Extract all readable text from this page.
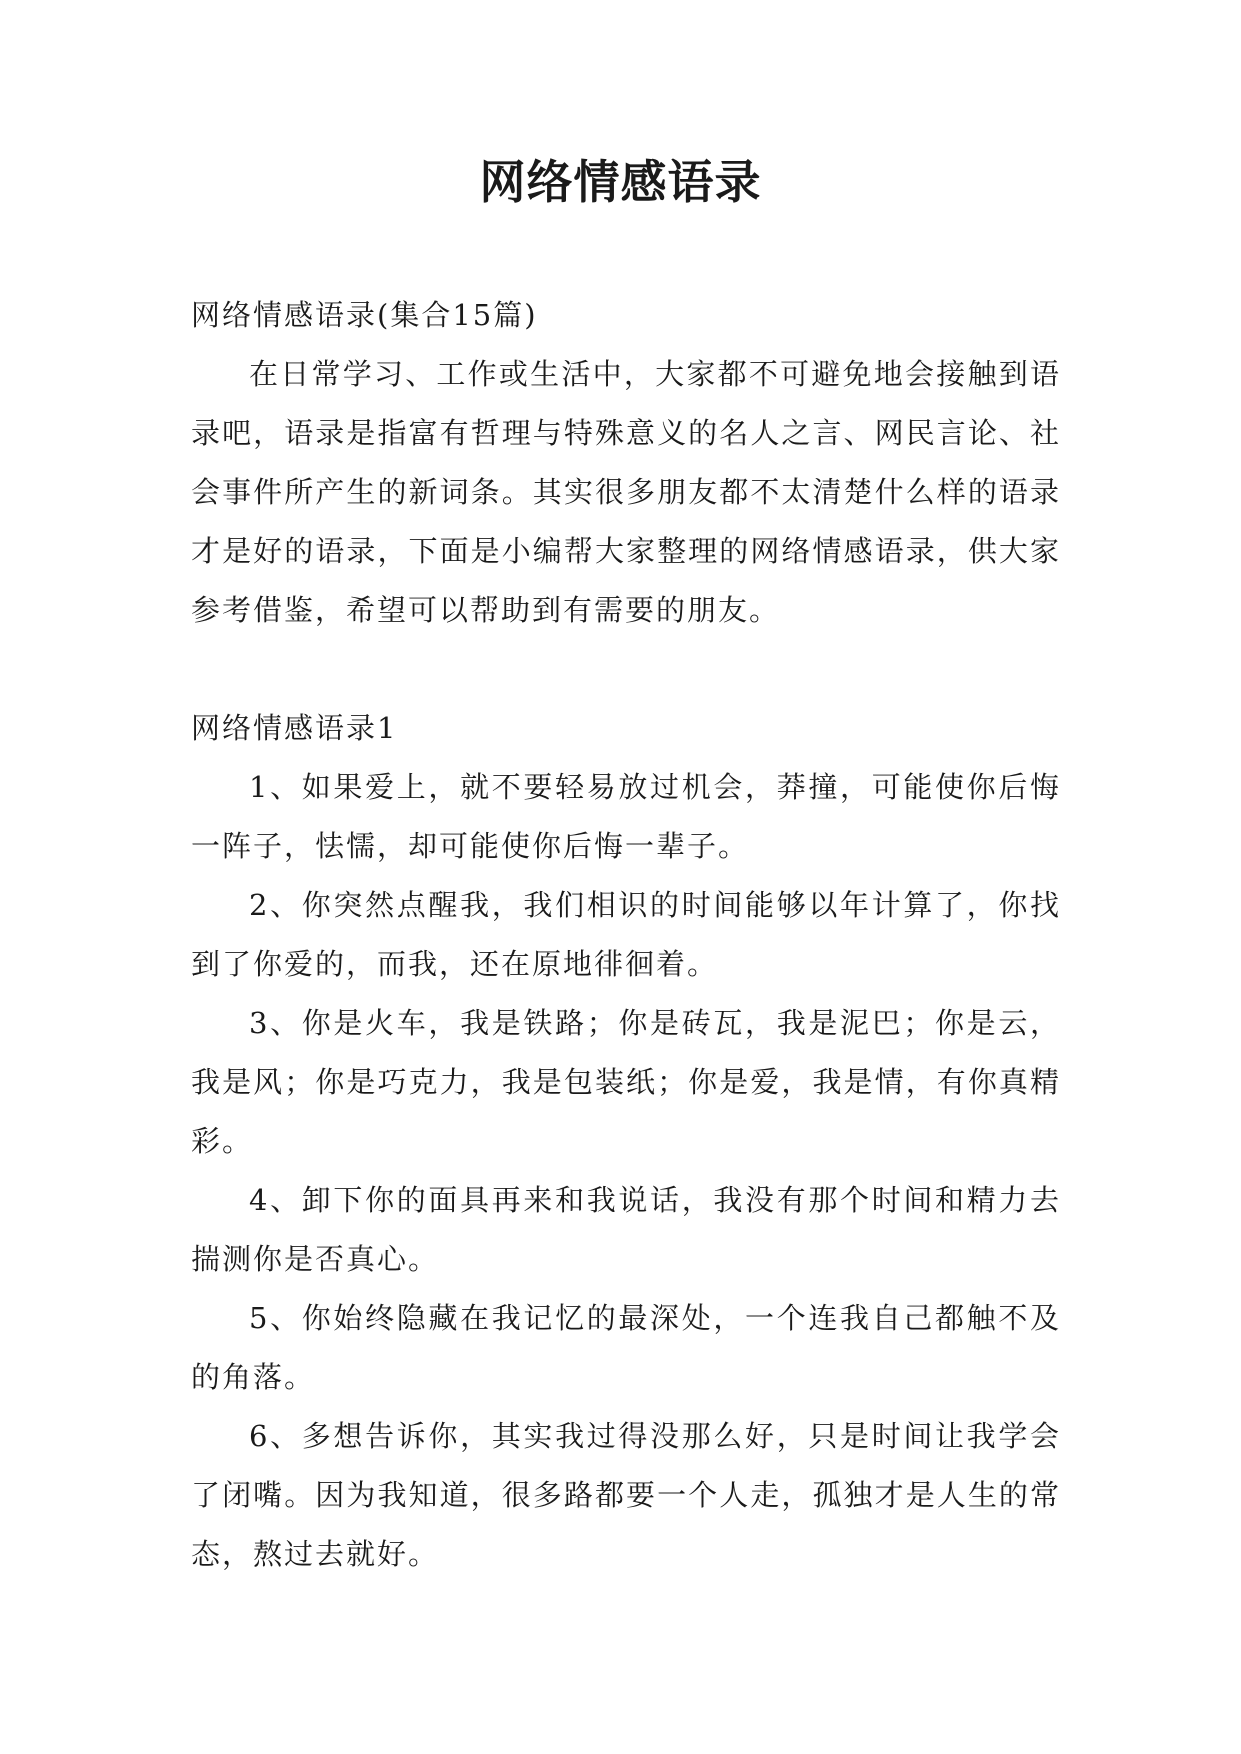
网络情感语录

网络情感语录(集合15篇)

在日常学习、工作或生活中，大家都不可避免地会接触到语录吧，语录是指富有哲理与特殊意义的名人之言、网民言论、社会事件所产生的新词条。其实很多朋友都不太清楚什么样的语录才是好的语录，下面是小编帮大家整理的网络情感语录，供大家参考借鉴，希望可以帮助到有需要的朋友。

网络情感语录1

1、如果爱上，就不要轻易放过机会，莽撞，可能使你后悔一阵子，怯懦，却可能使你后悔一辈子。

2、你突然点醒我，我们相识的时间能够以年计算了，你找到了你爱的，而我，还在原地徘徊着。

3、你是火车，我是铁路；你是砖瓦，我是泥巴；你是云，我是风；你是巧克力，我是包装纸；你是爱，我是情，有你真精彩。

4、卸下你的面具再来和我说话，我没有那个时间和精力去揣测你是否真心。

5、你始终隐藏在我记忆的最深处，一个连我自己都触不及的角落。

6、多想告诉你，其实我过得没那么好，只是时间让我学会了闭嘴。因为我知道，很多路都要一个人走，孤独才是人生的常态，熬过去就好。
